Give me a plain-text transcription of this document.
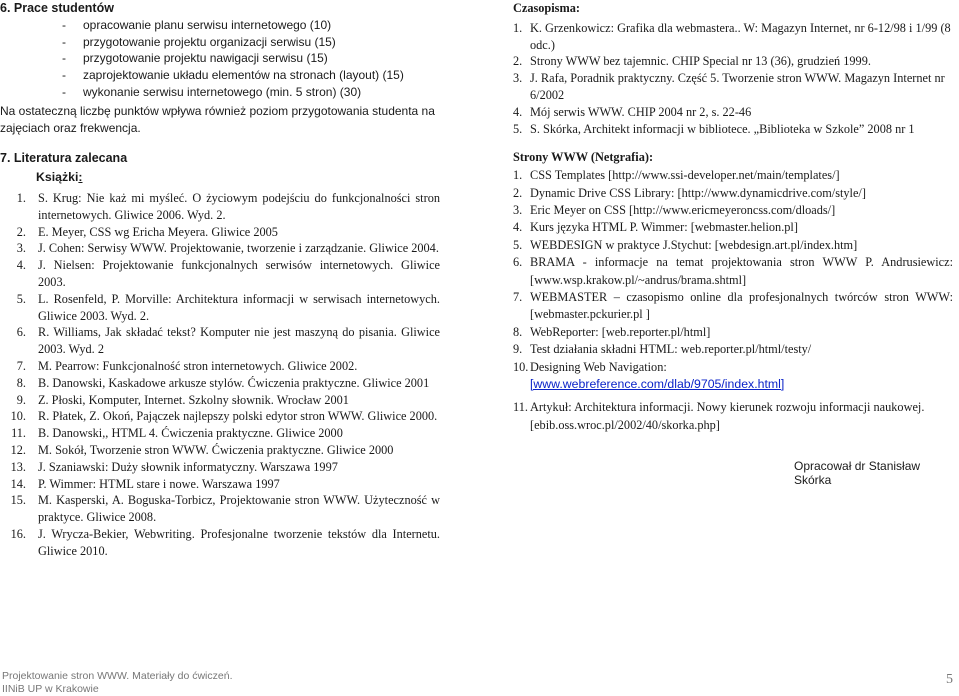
6. Prace studentów
- opracowanie planu serwisu internetowego (10)
- przygotowanie projektu organizacji serwisu (15)
- przygotowanie projektu nawigacji serwisu (15)
- zaprojektowanie układu elementów na stronach (layout) (15)
- wykonanie serwisu internetowego (min. 5 stron) (30)
Na ostateczną liczbę punktów wpływa również poziom przygotowania studenta na zajęciach oraz frekwencja.
7. Literatura zalecana
Książki:
1. S. Krug: Nie każ mi myśleć. O życiowym podejściu do funkcjonalności stron internetowych. Gliwice 2006. Wyd. 2.
2. E. Meyer, CSS wg Ericha Meyera. Gliwice 2005
3. J. Cohen: Serwisy WWW. Projektowanie, tworzenie i zarządzanie. Gliwice 2004.
4. J. Nielsen: Projektowanie funkcjonalnych serwisów internetowych. Gliwice 2003.
5. L. Rosenfeld, P. Morville: Architektura informacji w serwisach internetowych. Gliwice 2003. Wyd. 2.
6. R. Williams, Jak składać tekst? Komputer nie jest maszyną do pisania. Gliwice 2003. Wyd. 2
7. M. Pearrow: Funkcjonalność stron internetowych. Gliwice 2002.
8. B. Danowski, Kaskadowe arkusze stylów. Ćwiczenia praktyczne. Gliwice 2001
9. Z. Płoski, Komputer, Internet. Szkolny słownik. Wrocław 2001
10. R. Płatek, Z. Okoń, Pajączek najlepszy polski edytor stron WWW. Gliwice 2000.
11. B. Danowski,, HTML 4. Ćwiczenia praktyczne. Gliwice 2000
12. M. Sokół, Tworzenie stron WWW. Ćwiczenia praktyczne. Gliwice 2000
13. J. Szaniawski: Duży słownik informatyczny. Warszawa 1997
14. P. Wimmer: HTML stare i nowe. Warszawa 1997
15. M. Kasperski, A. Boguska-Torbicz, Projektowanie stron WWW. Użyteczność w praktyce. Gliwice 2008.
16. J. Wrycza-Bekier, Webwriting. Profesjonalne tworzenie tekstów dla Internetu. Gliwice 2010.
Czasopisma:
1. K. Grzenkowicz: Grafika dla webmastera.. W: Magazyn Internet, nr 6-12/98 i 1/99 (8 odc.)
2. Strony WWW bez tajemnic. CHIP Special nr 13 (36), grudzień 1999.
3. J. Rafa, Poradnik praktyczny. Część 5. Tworzenie stron WWW. Magazyn Internet nr 6/2002
4. Mój serwis WWW. CHIP 2004 nr 2, s. 22-46
5. S. Skórka, Architekt informacji w bibliotece. „Biblioteka w Szkole” 2008 nr 1
Strony WWW (Netgrafia):
1. CSS Templates [http://www.ssi-developer.net/main/templates/]
2. Dynamic Drive CSS Library: [http://www.dynamicdrive.com/style/]
3. Eric Meyer on CSS [http://www.ericmeyeroncss.com/dloads/]
4. Kurs języka HTML P. Wimmer: [webmaster.helion.pl]
5. WEBDESIGN w praktyce J.Stychut: [webdesign.art.pl/index.htm]
6. BRAMA - informacje na temat projektowania stron WWW P. Andrusiewicz: [www.wsp.krakow.pl/~andrus/brama.shtml]
7. WEBMASTER – czasopismo online dla profesjonalnych twórców stron WWW: [webmaster.pckurier.pl ]
8. WebReporter: [web.reporter.pl/html]
9. Test działania składni HTML: web.reporter.pl/html/testy/
10. Designing Web Navigation:
[www.webreference.com/dlab/9705/index.html]
11. Artykuł: Architektura informacji. Nowy kierunek rozwoju informacji naukowej. [ebib.oss.wroc.pl/2002/40/skorka.php]
Opracował dr Stanisław Skórka
Projektowanie stron WWW. Materiały do ćwiczeń.
IINiB UP w Krakowie
5
